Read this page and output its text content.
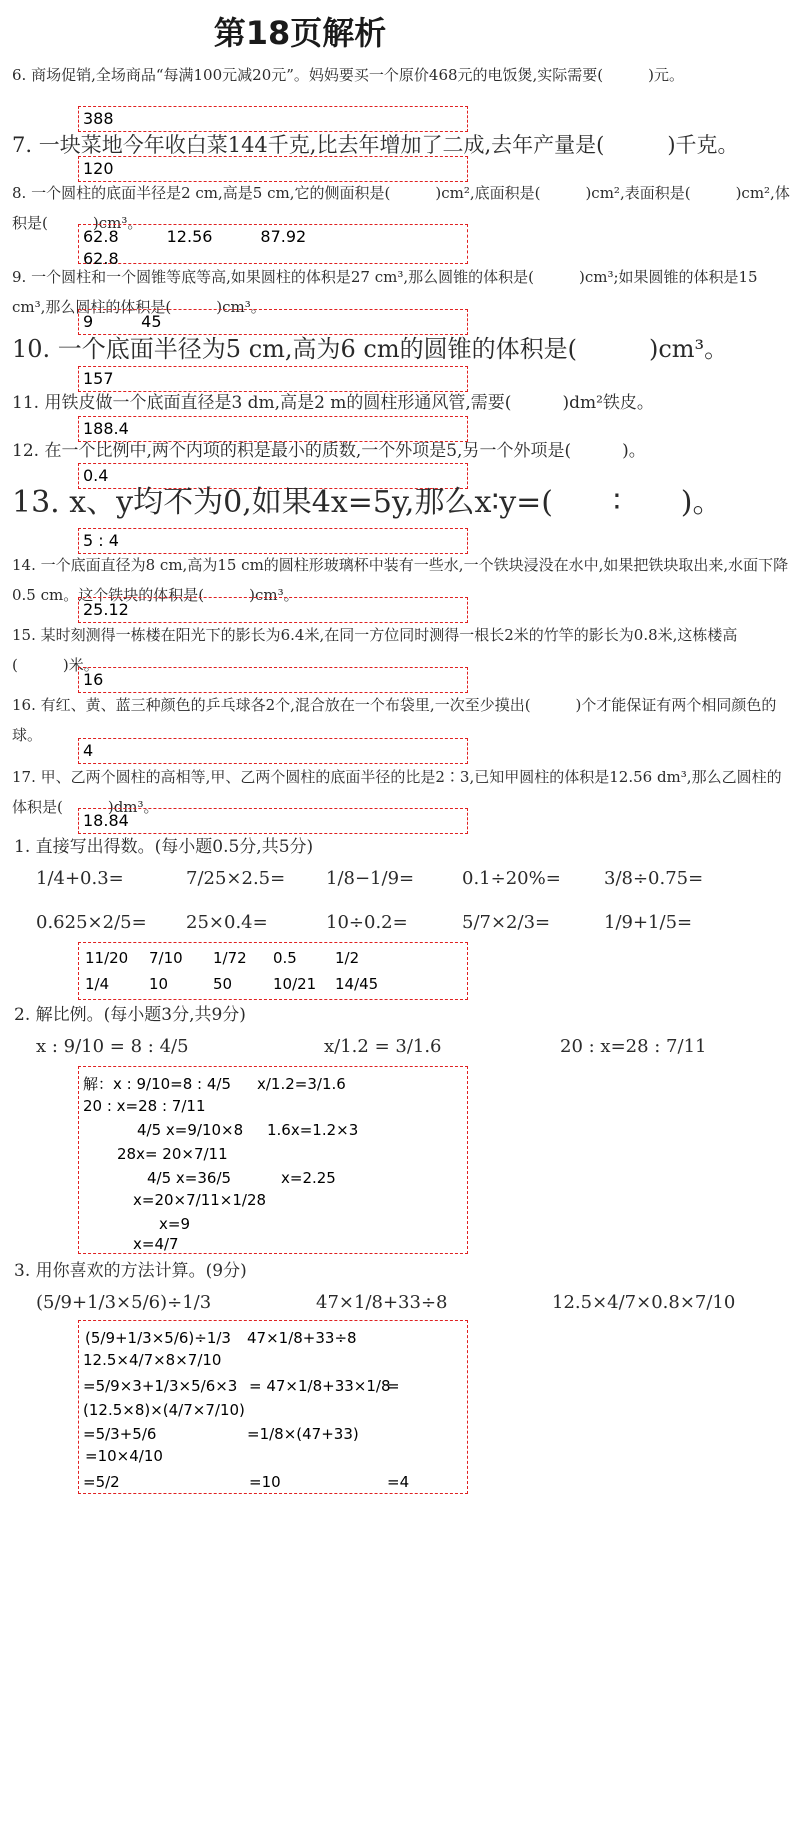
第18页解析
6. 商场促销,全场商品“每满100元减20元”。妈妈要买一个原价468元的电饭煲,实际需要(　　　)元。
388
7. 一块菜地今年收白菜144千克,比去年增加了二成,去年产量是(　　　)千克。
120
8. 一个圆柱的底面半径是2 cm,高是5 cm,它的侧面积是(　　　)cm²,底面积是(　　　)cm²,表面积是(　　　)cm²,体积是(　　　)cm³。
62.8　　　12.56　　　87.92
62.8
9. 一个圆柱和一个圆锥等底等高,如果圆柱的体积是27 cm³,那么圆锥的体积是(　　　)cm³;如果圆锥的体积是15 cm³,那么圆柱的体积是(　　　)cm³。
9　　　45
10. 一个底面半径为5 cm,高为6 cm的圆锥的体积是(　　　)cm³。
157
11. 用铁皮做一个底面直径是3 dm,高是2 m的圆柱形通风管,需要(　　　)dm²铁皮。
188.4
12. 在一个比例中,两个内项的积是最小的质数,一个外项是5,另一个外项是(　　　)。
0.4
13. x、y均不为0,如果4x=5y,那么x∶y=(　　∶　　)。
5 : 4
14. 一个底面直径为8 cm,高为15 cm的圆柱形玻璃杯中装有一些水,一个铁块浸没在水中,如果把铁块取出来,水面下降0.5 cm。这个铁块的体积是(　　　)cm³。
25.12
15. 某时刻测得一栋楼在阳光下的影长为6.4米,在同一方位同时测得一根长2米的竹竿的影长为0.8米,这栋楼高(　　　)米。
16
16. 有红、黄、蓝三种颜色的乒乓球各2个,混合放在一个布袋里,一次至少摸出(　　　)个才能保证有两个相同颜色的球。
4
17. 甲、乙两个圆柱的高相等,甲、乙两个圆柱的底面半径的比是2∶3,已知甲圆柱的体积是12.56 dm³,那么乙圆柱的体积是(　　　)dm³。
18.84
1. 直接写出得数。(每小题0.5分,共5分)
1/4+0.3=	7/25×2.5= 1/8−1/9=	0.1÷20%= 3/8÷0.75=
0.625×2/5= 25×0.4=	10÷0.2=	5/7×2/3=	1/9+1/5=
11/20 7/10 1/72 0.5	1/2
1/4	10	50	10/21 14/45
2. 解比例。(每小题3分,共9分)
x : 9/10 = 8 : 4/5	x/1.2 = 3/1.6	20 : x=28 : 7/11
解：x : 9/10=8 : 4/5 x/1.2=3/1.6
20 : x=28 : 7/11
4/5 x=9/10×8 1.6x=1.2×3
28x= 20×7/11
4/5 x=36/5	x=2.25
x=20×7/11×1/28
x=9
x=4/7
3. 用你喜欢的方法计算。(9分)
(5/9+1/3×5/6)÷1/3	47×1/8+33÷8	12.5×4/7×0.8×7/10
(5/9+1/3×5/6)÷1/3 47×1/8+33÷8
12.5×4/7×8×7/10
=5/9×3+1/3×5/6×3 = 47×1/8+33×1/8
=
(12.5×8)×(4/7×7/10)
=5/3+5/6	=1/8×(47+33)
=10×4/10
=5/2	=10	=4
